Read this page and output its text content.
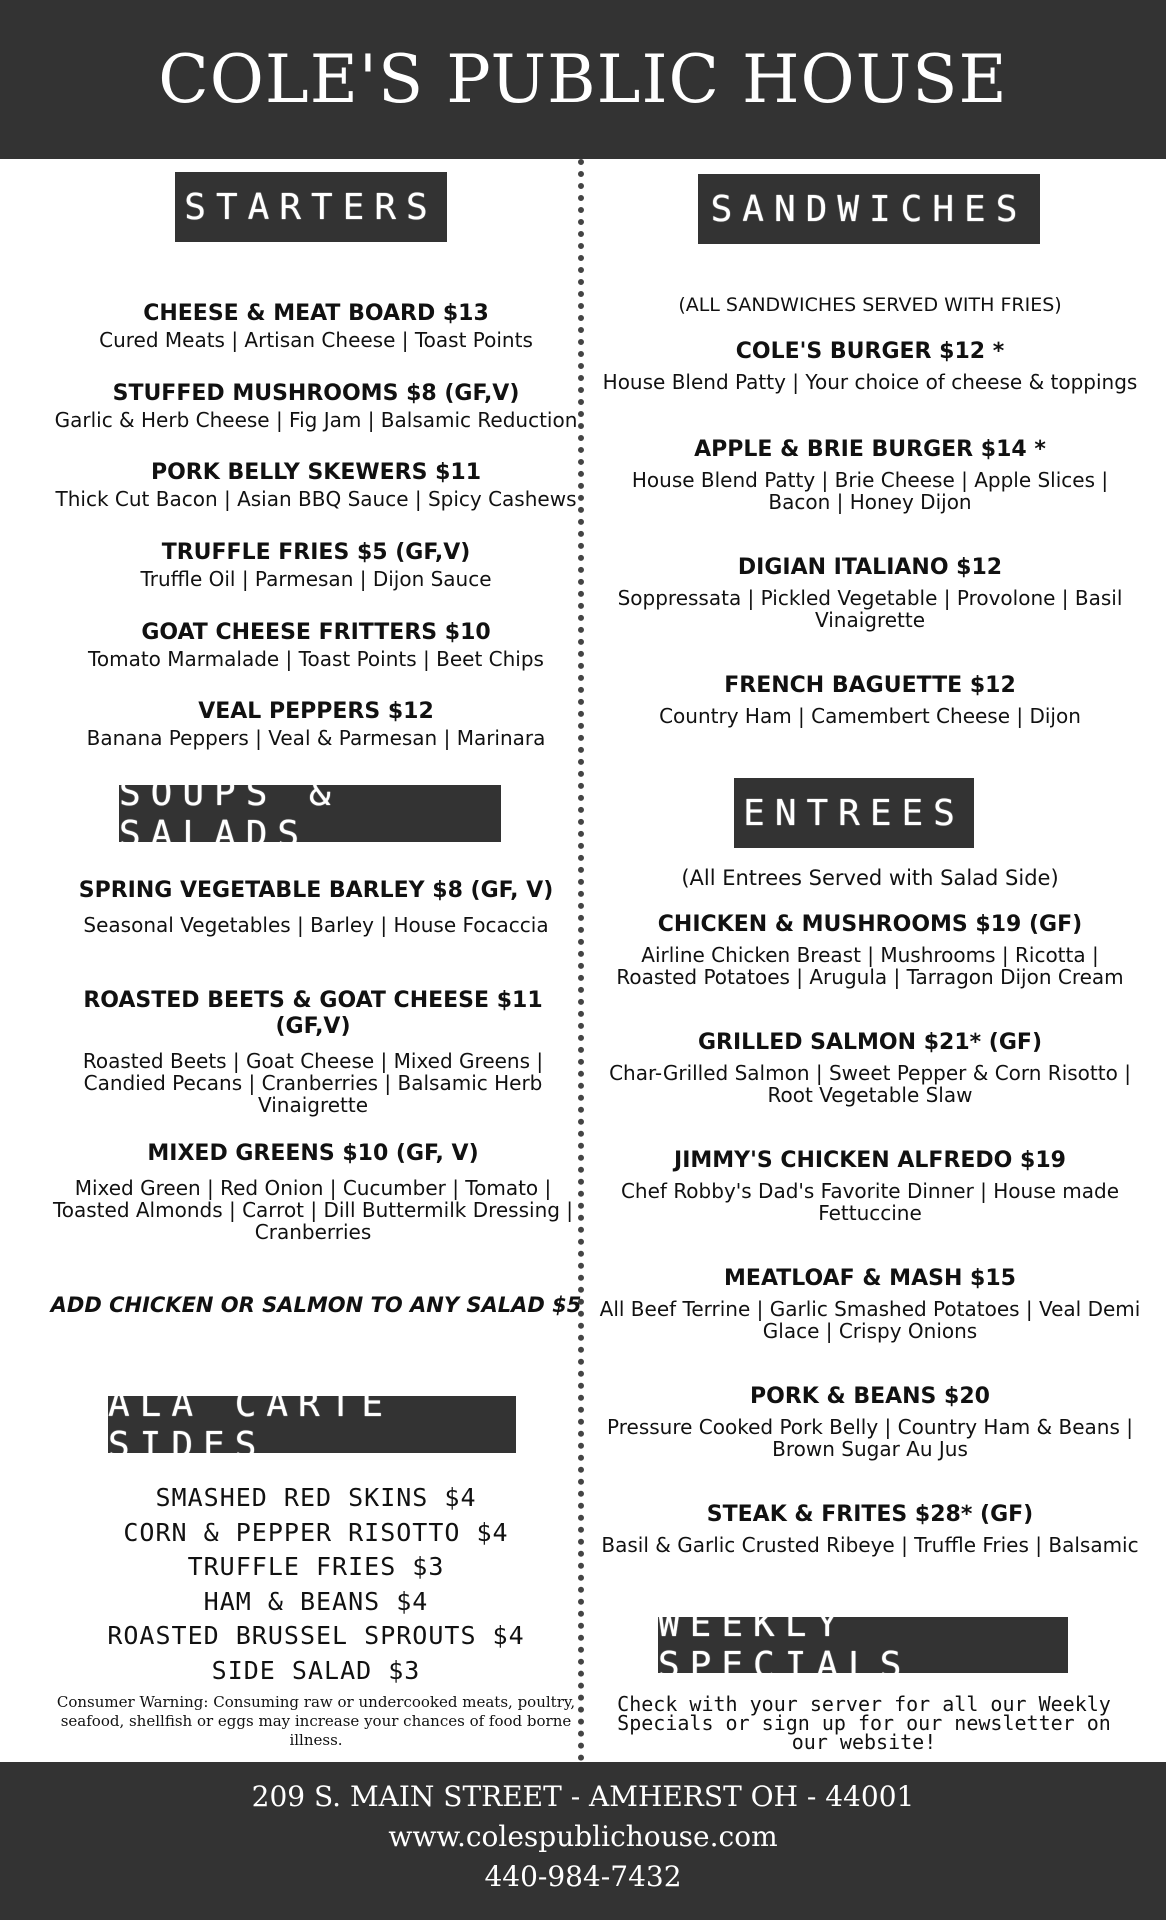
COLE'S PUBLIC HOUSE
STARTERS
CHEESE & MEAT BOARD $13
Cured Meats | Artisan Cheese | Toast Points
STUFFED MUSHROOMS $8 (GF,V)
Garlic & Herb Cheese | Fig Jam | Balsamic Reduction
PORK BELLY SKEWERS $11
Thick Cut Bacon | Asian BBQ Sauce | Spicy Cashews
TRUFFLE FRIES $5 (GF,V)
Truffle Oil | Parmesan | Dijon Sauce
GOAT CHEESE FRITTERS $10
Tomato Marmalade | Toast Points | Beet Chips
VEAL PEPPERS $12
Banana Peppers | Veal & Parmesan | Marinara
SOUPS & SALADS
SPRING VEGETABLE BARLEY $8 (GF, V)
Seasonal Vegetables | Barley | House Focaccia
ROASTED BEETS & GOAT CHEESE $11 (GF,V)
Roasted Beets | Goat Cheese | Mixed Greens | Candied Pecans | Cranberries | Balsamic Herb Vinaigrette
MIXED GREENS $10 (GF, V)
Mixed Green | Red Onion | Cucumber | Tomato | Toasted Almonds | Carrot | Dill Buttermilk Dressing | Cranberries
ADD CHICKEN OR SALMON TO ANY SALAD $5
ALA CARTE SIDES
SMASHED RED SKINS $4
CORN & PEPPER RISOTTO $4
TRUFFLE FRIES $3
HAM & BEANS $4
ROASTED BRUSSEL SPROUTS $4
SIDE SALAD $3
Consumer Warning: Consuming raw or undercooked meats, poultry, seafood, shellfish or eggs may increase your chances of food borne illness.
SANDWICHES
(ALL SANDWICHES SERVED WITH FRIES)
COLE'S BURGER $12 *
House Blend Patty | Your choice of cheese & toppings
APPLE & BRIE BURGER $14 *
House Blend Patty | Brie Cheese | Apple Slices | Bacon | Honey Dijon
DIGIAN ITALIANO $12
Soppressata | Pickled Vegetable | Provolone | Basil Vinaigrette
FRENCH BAGUETTE $12
Country Ham | Camembert Cheese | Dijon
ENTREES
(All Entrees Served with Salad Side)
CHICKEN & MUSHROOMS $19 (GF)
Airline Chicken Breast | Mushrooms | Ricotta | Roasted Potatoes | Arugula | Tarragon Dijon Cream
GRILLED SALMON $21* (GF)
Char-Grilled Salmon | Sweet Pepper & Corn Risotto | Root Vegetable Slaw
JIMMY'S CHICKEN ALFREDO $19
Chef Robby's Dad's Favorite Dinner | House made Fettuccine
MEATLOAF & MASH $15
All Beef Terrine | Garlic Smashed Potatoes | Veal Demi Glace | Crispy Onions
PORK & BEANS $20
Pressure Cooked Pork Belly | Country Ham & Beans | Brown Sugar Au Jus
STEAK & FRITES $28* (GF)
Basil & Garlic Crusted Ribeye | Truffle Fries | Balsamic
WEEKLY SPECIALS
Check with your server for all our Weekly Specials or sign up for our newsletter on our website!
209 S. MAIN STREET - AMHERST OH - 44001
www.colespublichouse.com
440-984-7432
